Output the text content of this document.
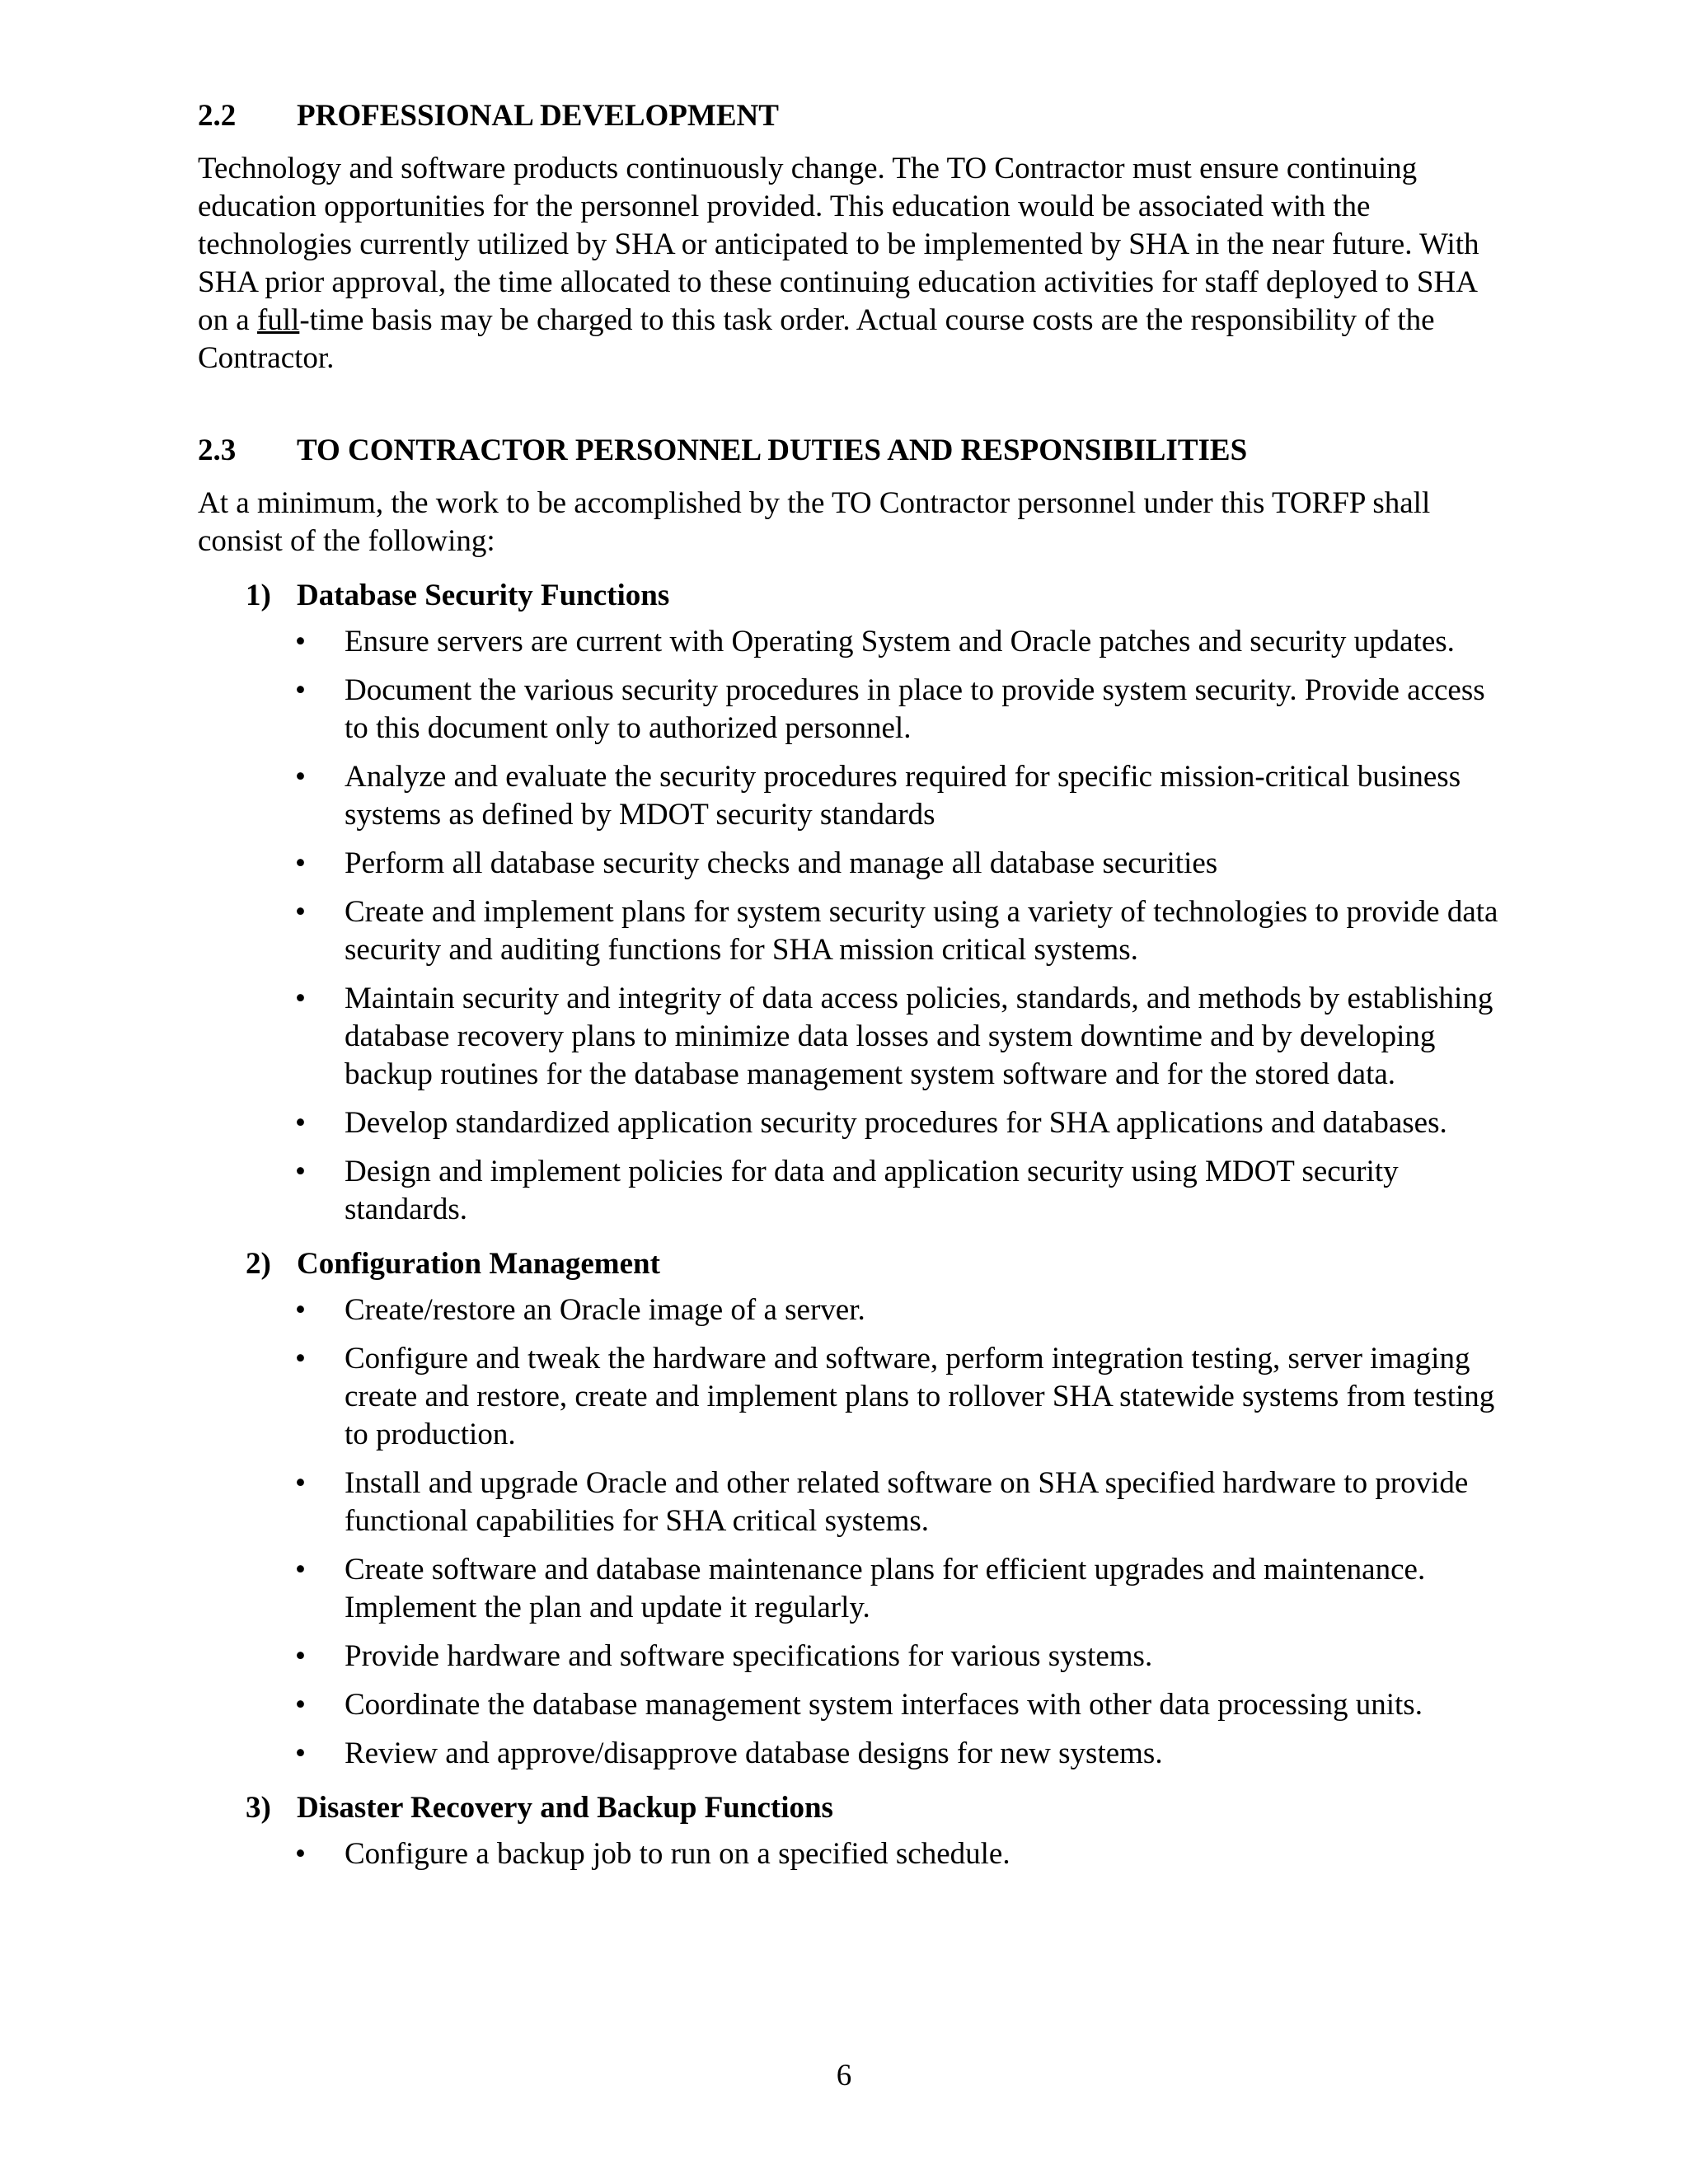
2.2	PROFESSIONAL DEVELOPMENT

Technology and software products continuously change. The TO Contractor must ensure continuing education opportunities for the personnel provided. This education would be associated with the technologies currently utilized by SHA or anticipated to be implemented by SHA in the near future. With SHA prior approval, the time allocated to these continuing education activities for staff deployed to SHA on a full-time basis may be charged to this task order. Actual course costs are the responsibility of the Contractor.

2.3	TO CONTRACTOR PERSONNEL DUTIES AND RESPONSIBILITIES

At a minimum, the work to be accomplished by the TO Contractor personnel under this TORFP shall consist of the following:

1) Database Security Functions
•	Ensure servers are current with Operating System and Oracle patches and security updates.
•	Document the various security procedures in place to provide system security. Provide access to this document only to authorized personnel.
•	Analyze and evaluate the security procedures required for specific mission-critical business systems as defined by MDOT security standards
•	Perform all database security checks and manage all database securities
•	Create and implement plans for system security using a variety of technologies to provide data security and auditing functions for SHA mission critical systems.
•	Maintain security and integrity of data access policies, standards, and methods by establishing database recovery plans to minimize data losses and system downtime and by developing backup routines for the database management system software and for the stored data.
•	Develop standardized application security procedures for SHA applications and databases.
•	Design and implement policies for data and application security using MDOT security standards.
2) Configuration Management
•	Create/restore an Oracle image of a server.
•	Configure and tweak the hardware and software, perform integration testing, server imaging create and restore, create and implement plans to rollover SHA statewide systems from testing to production.
•	Install and upgrade Oracle and other related software on SHA specified hardware to provide functional capabilities for SHA critical systems.
•	Create software and database maintenance plans for efficient upgrades and maintenance. Implement the plan and update it regularly.
•	Provide hardware and software specifications for various systems.
•	Coordinate the database management system interfaces with other data processing units.
•	Review and approve/disapprove database designs for new systems.
3) Disaster Recovery and Backup Functions
•	Configure a backup job to run on a specified schedule.
6
